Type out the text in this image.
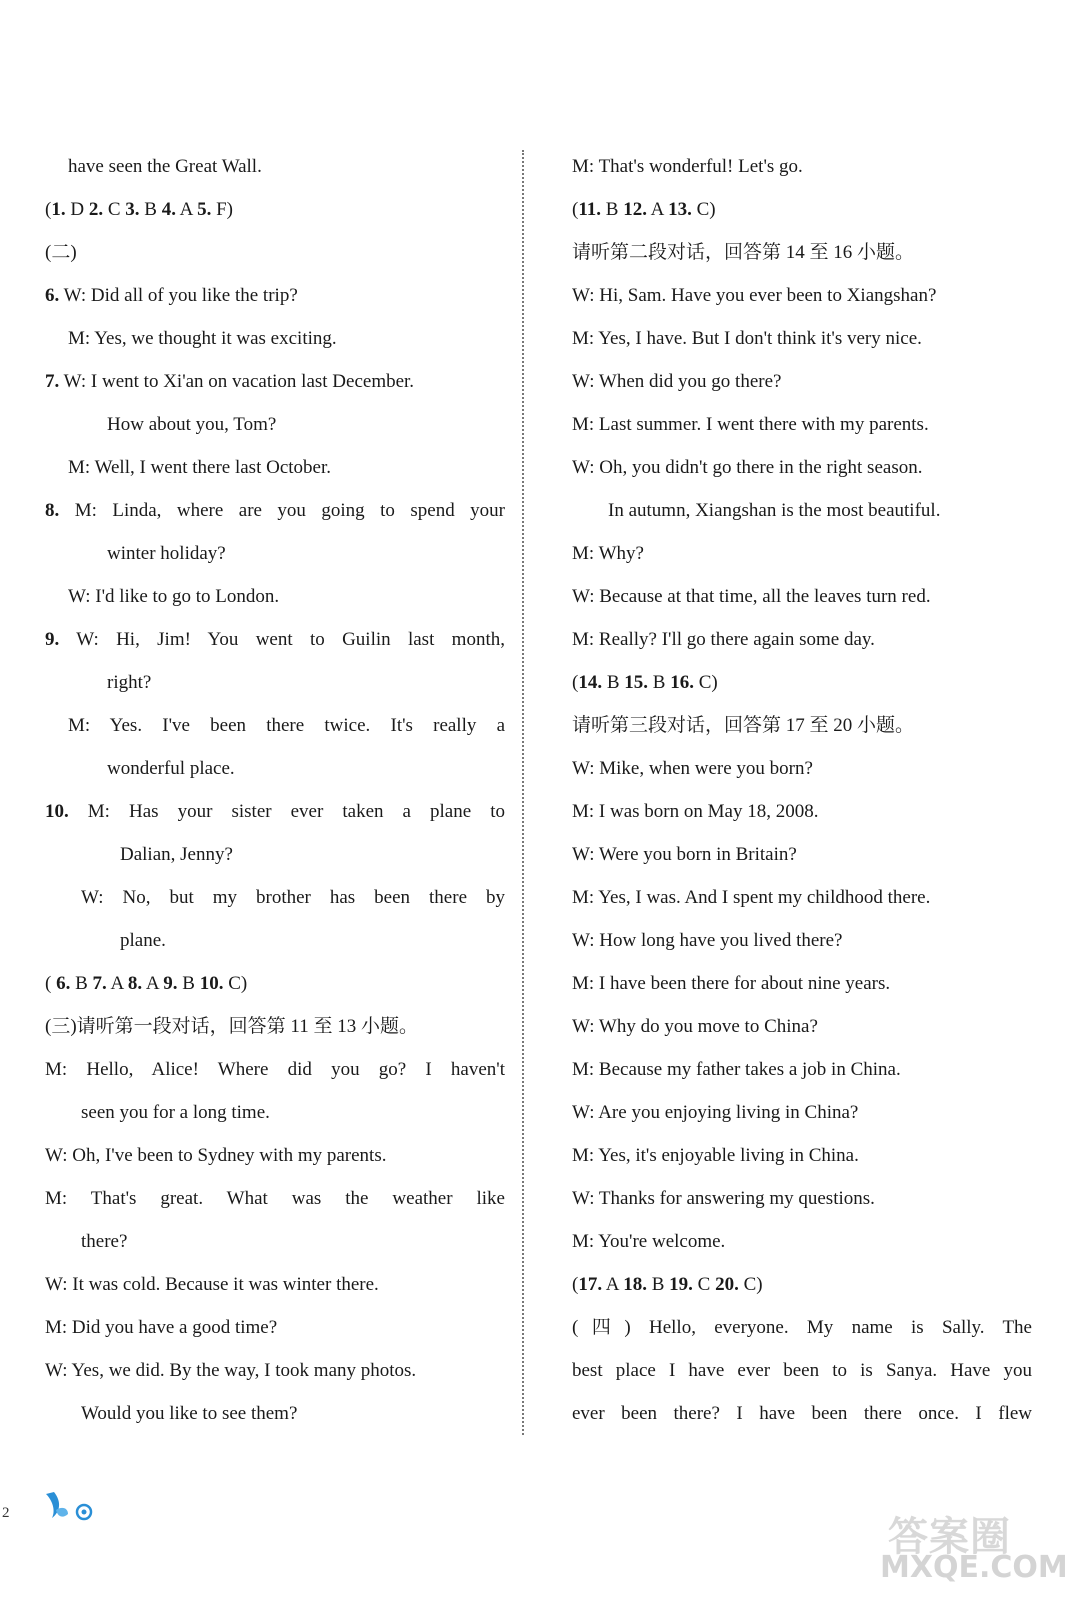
have seen the Great Wall.
(1. D 2. C 3. B 4. A 5. F)
(二)
6. W: Did all of you like the trip?
M: Yes, we thought it was exciting.
7. W: I went to Xi'an on vacation last December.
How about you, Tom?
M: Well, I went there last October.
8. M: Linda, where are you going to spend your
winter holiday?
W: I'd like to go to London.
9. W: Hi, Jim! You went to Guilin last month,
right?
M: Yes. I've been there twice. It's really a
wonderful place.
10. M: Has your sister ever taken a plane to
Dalian, Jenny?
W: No, but my brother has been there by
plane.
( 6. B 7. A 8. A 9. B 10. C)
(三)请听第一段对话，回答第 11 至 13 小题。
M: Hello, Alice! Where did you go? I haven't
seen you for a long time.
W: Oh, I've been to Sydney with my parents.
M: That's great. What was the weather like
there?
W: It was cold. Because it was winter there.
M: Did you have a good time?
W: Yes, we did. By the way, I took many photos.
Would you like to see them?
M: That's wonderful! Let's go.
(11. B 12. A 13. C)
请听第二段对话，回答第 14 至 16 小题。
W: Hi, Sam. Have you ever been to Xiangshan?
M: Yes, I have. But I don't think it's very nice.
W: When did you go there?
M: Last summer. I went there with my parents.
W: Oh, you didn't go there in the right season.
In autumn, Xiangshan is the most beautiful.
M: Why?
W: Because at that time, all the leaves turn red.
M: Really? I'll go there again some day.
(14. B 15. B 16. C)
请听第三段对话，回答第 17 至 20 小题。
W: Mike, when were you born?
M: I was born on May 18, 2008.
W: Were you born in Britain?
M: Yes, I was. And I spent my childhood there.
W: How long have you lived there?
M: I have been there for about nine years.
W: Why do you move to China?
M: Because my father takes a job in China.
W: Are you enjoying living in China?
M: Yes, it's enjoyable living in China.
W: Thanks for answering my questions.
M: You're welcome.
(17. A 18. B 19. C 20. C)
(四) Hello, everyone. My name is Sally. The
best place I have ever been to is Sanya. Have you
ever been there? I have been there once. I flew
2
答案圈
MXQE.COM
